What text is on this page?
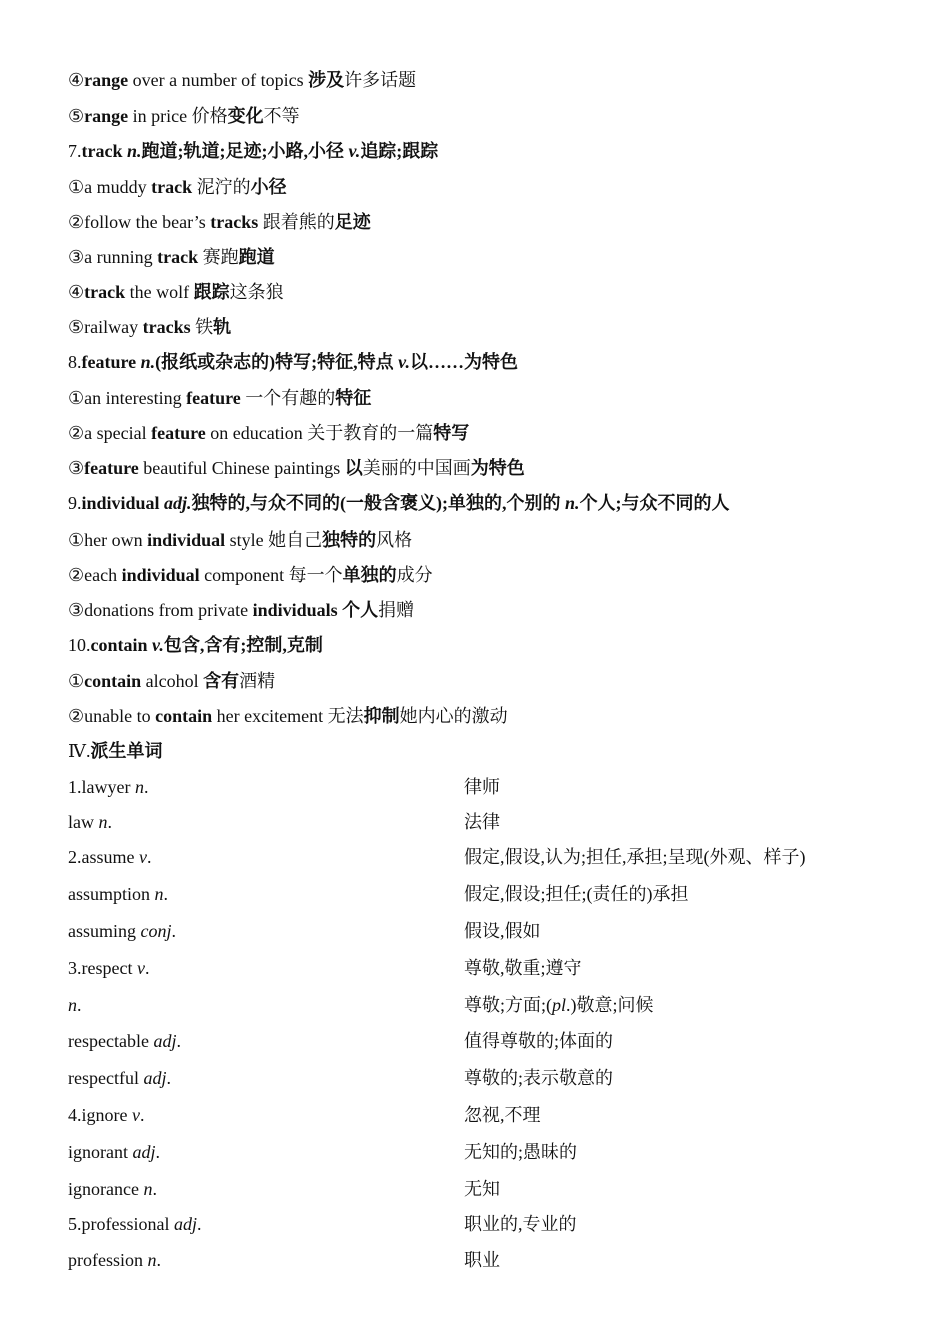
④range over a number of topics 涉及许多话题
⑤range in price 价格变化不等
7.track n.跑道;轨道;足迹;小路,小径 v.追踪;跟踪
①a muddy track 泥泞的小径
②follow the bear’s tracks 跟着熊的足迹
③a running track 赛跑跑道
④track the wolf 跟踪这条狼
⑤railway tracks 铁轨
8.feature n.(报纸或杂志的)特写;特征,特点 v.以……为特色
①an interesting feature 一个有趣的特征
②a special feature on education 关于教育的一篇特写
③feature beautiful Chinese paintings 以美丽的中国画为特色
9.individual adj.独特的,与众不同的(一般含褒义);单独的,个别的 n.个人;与众不同的人
①her own individual style 她自己独特的风格
②each individual component 每一个单独的成分
③donations from private individuals 个人捐赠
10.contain v.包含,含有;控制,克制
①contain alcohol 含有酒精
②unable to contain her excitement 无法抑制她内心的激动
Ⅳ.派生单词
1.lawyer n.	律师
law n.	法律
2.assume v.	假定,假设,认为;担任,承担;呈现(外观、样子)
assumption n.	假定,假设;担任;(责任的)承担
assuming conj.	假设,假如
3.respect v.	尊敬,敬重;遵守
n.	尊敬;方面;(pl.)敬意;问候
respectable adj.	值得尊敬的;体面的
respectful adj.	尊敬的;表示敬意的
4.ignore v.	忽视,不理
ignorant adj.	无知的;愚昧的
ignorance n.	无知
5.professional adj.	职业的,专业的
profession n.	职业
